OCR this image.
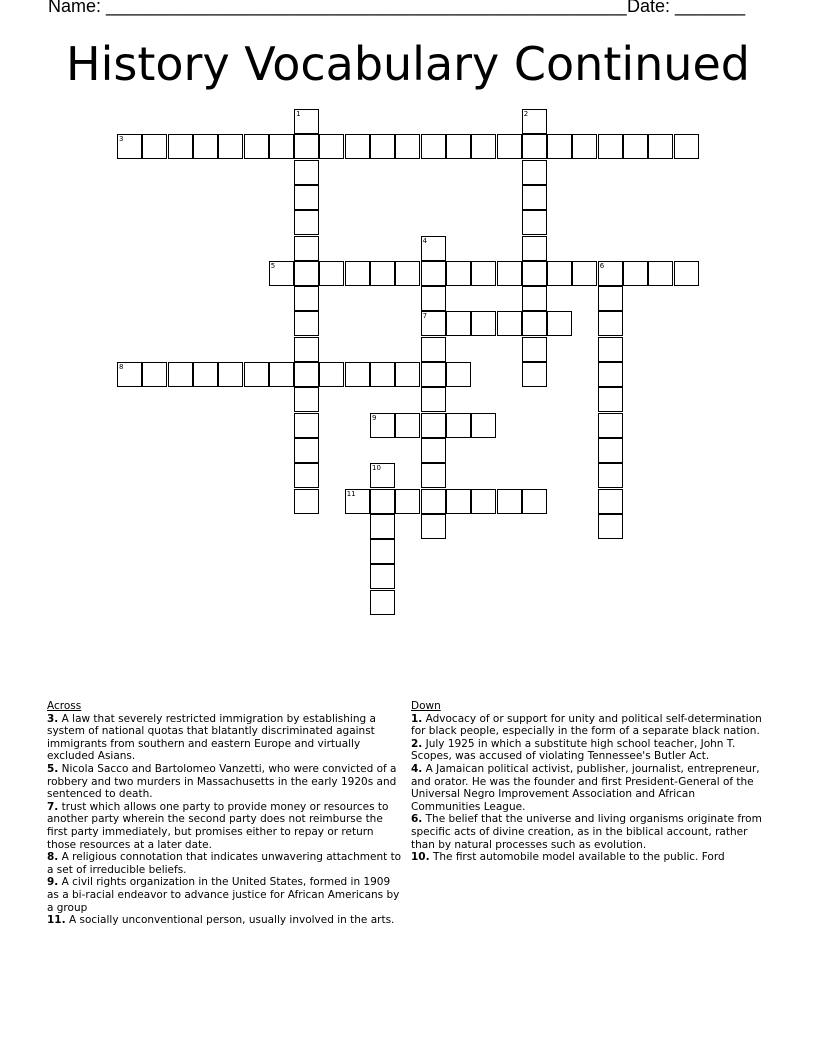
Name: ____________________________________________________ Date: _______
History Vocabulary Continued
1	2
3
4
7
5	6
8
9
10
11
Across
3. A law that severely restricted immigration by establishing a system of national quotas that blatantly discriminated against immigrants from southern and eastern Europe and virtually excluded Asians.
5. Nicola Sacco and Bartolomeo Vanzetti, who were convicted of a robbery and two murders in Massachusetts in the early 1920s and sentenced to death.
7. trust which allows one party to provide money or resources to another party wherein the second party does not reimburse the first party immediately, but promises either to repay or return those resources at a later date.
8. A religious connotation that indicates unwavering attachment to a set of irreducible beliefs.
9. A civil rights organization in the United States, formed in 1909 as a bi-racial endeavor to advance justice for African Americans by a group
11. A socially unconventional person, usually involved in the arts.
Down
1. Advocacy of or support for unity and political self-determination for black people, especially in the form of a separate black nation.
2. July 1925 in which a substitute high school teacher, John T. Scopes, was accused of violating Tennessee's Butler Act.
4. A Jamaican political activist, publisher, journalist, entrepreneur, and orator. He was the founder and first President-General of the Universal Negro Improvement Association and African Communities League.
6. The belief that the universe and living organisms originate from specific acts of divine creation, as in the biblical account, rather than by natural processes such as evolution.
10. The first automobile model available to the public. Ford
